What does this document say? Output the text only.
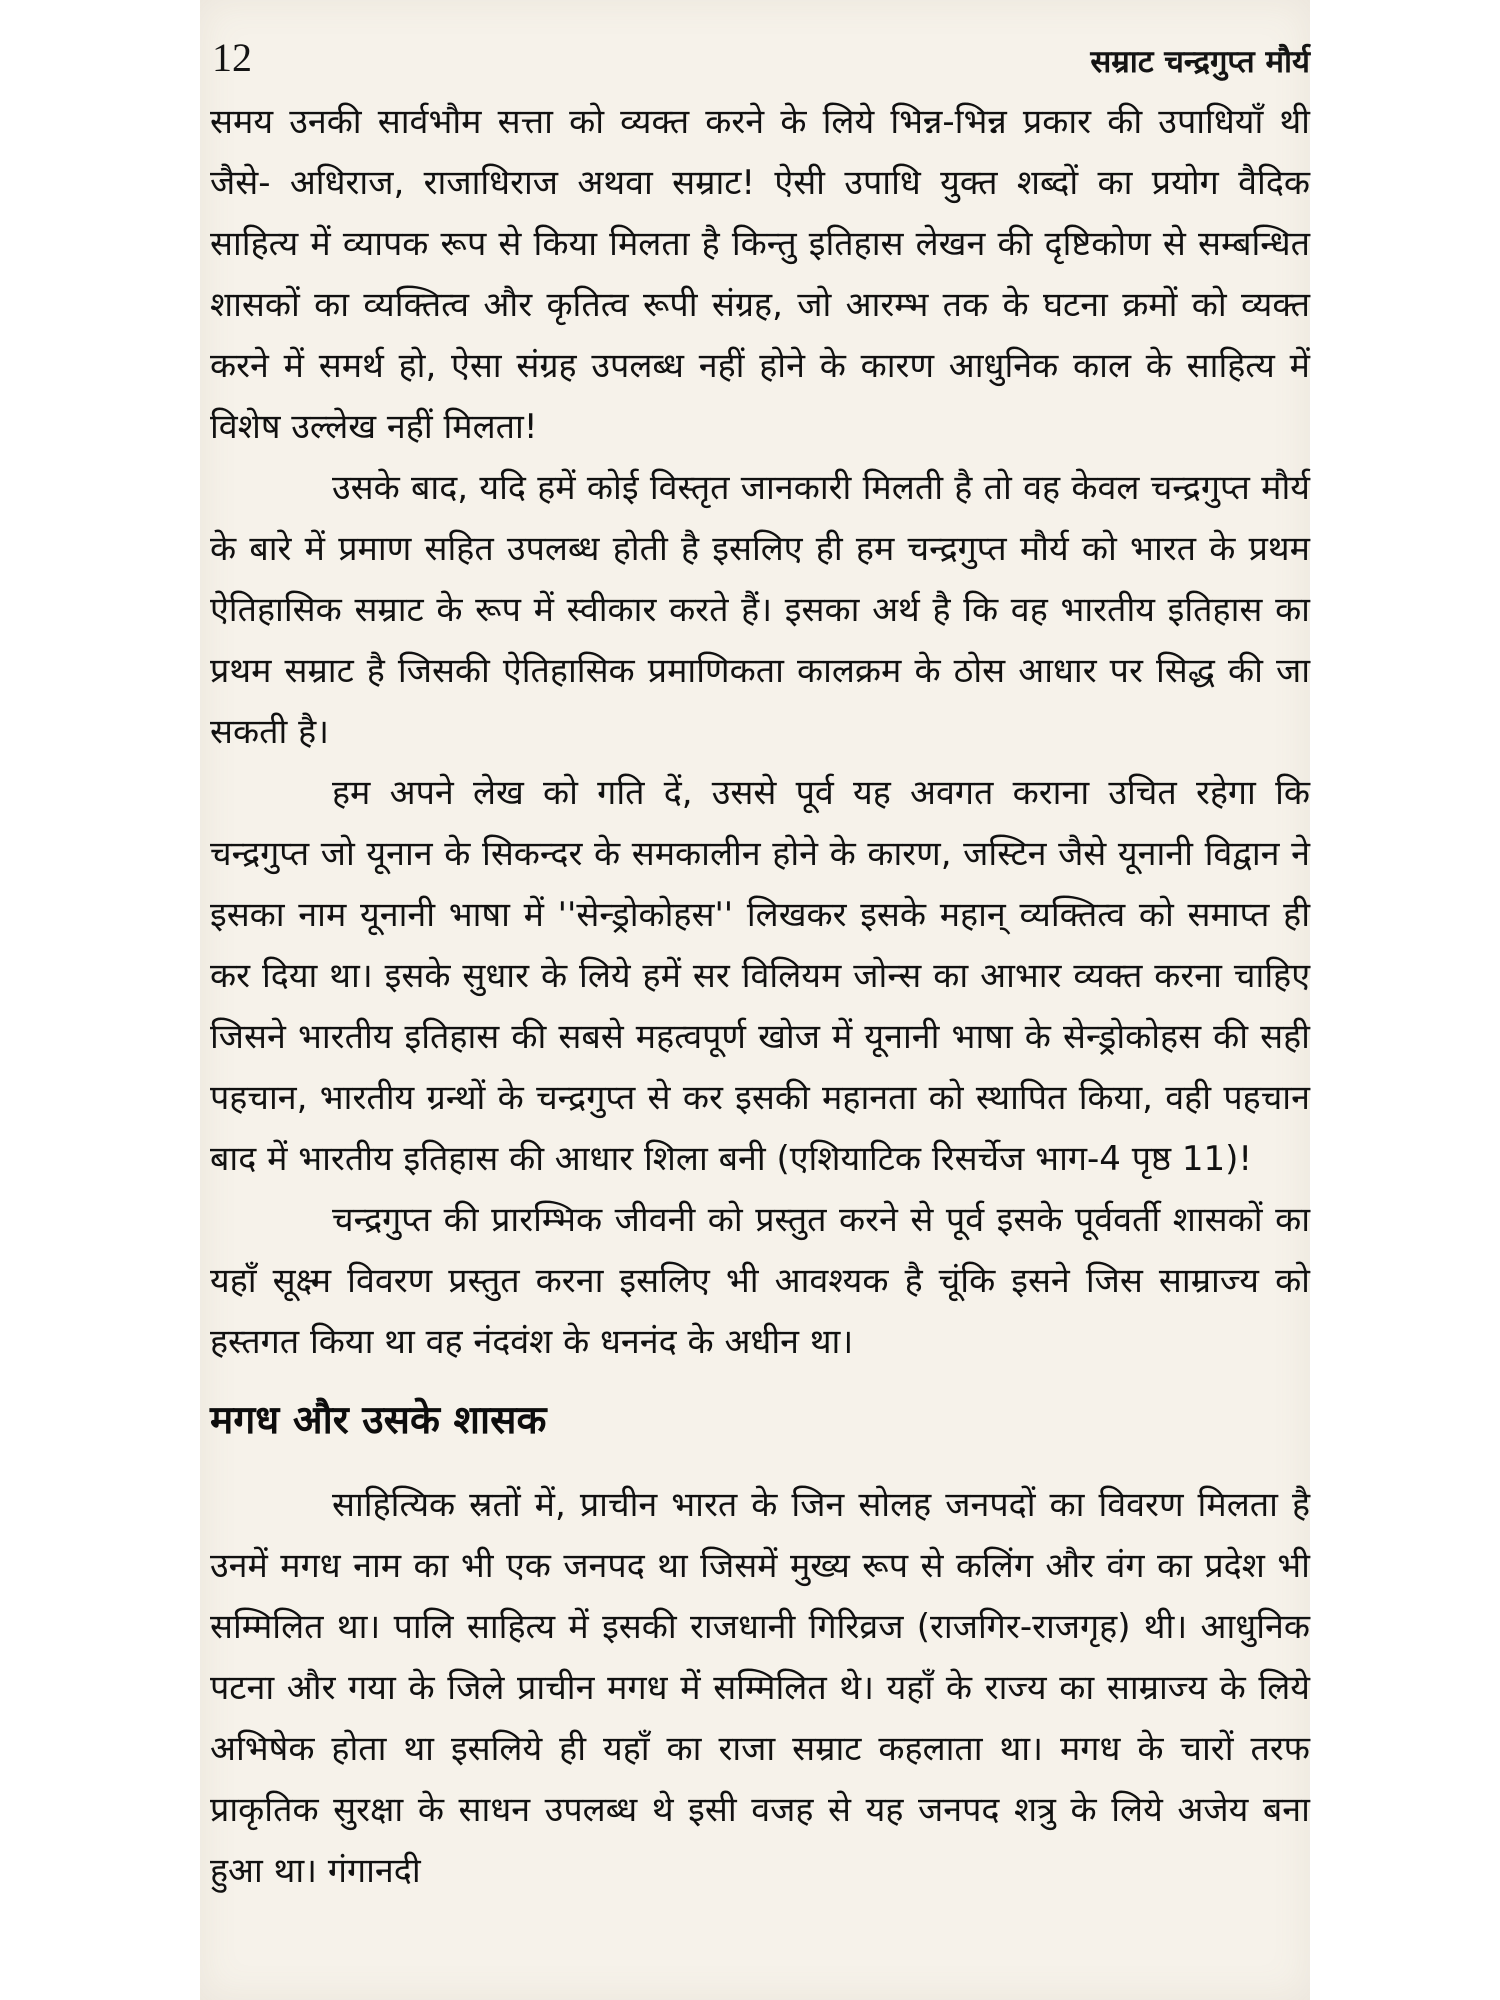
12	सम्राट चन्द्रगुप्त मौर्य

समय उनकी सार्वभौम सत्ता को व्यक्त करने के लिये भिन्न-भिन्न प्रकार की उपाधियाँ थी जैसे- अधिराज, राजाधिराज अथवा सम्राट! ऐसी उपाधि युक्त शब्दों का प्रयोग वैदिक साहित्य में व्यापक रूप से किया मिलता है किन्तु इतिहास लेखन की दृष्टिकोण से सम्बन्धित शासकों का व्यक्तित्व और कृतित्व रूपी संग्रह, जो आरम्भ तक के घटना क्रमों को व्यक्त करने में समर्थ हो, ऐसा संग्रह उपलब्ध नहीं होने के कारण आधुनिक काल के साहित्य में विशेष उल्लेख नहीं मिलता!

उसके बाद, यदि हमें कोई विस्तृत जानकारी मिलती है तो वह केवल चन्द्रगुप्त मौर्य के बारे में प्रमाण सहित उपलब्ध होती है इसलिए ही हम चन्द्रगुप्त मौर्य को भारत के प्रथम ऐतिहासिक सम्राट के रूप में स्वीकार करते हैं। इसका अर्थ है कि वह भारतीय इतिहास का प्रथम सम्राट है जिसकी ऐतिहासिक प्रमाणिकता कालक्रम के ठोस आधार पर सिद्ध की जा सकती है।

हम अपने लेख को गति दें, उससे पूर्व यह अवगत कराना उचित रहेगा कि चन्द्रगुप्त जो यूनान के सिकन्दर के समकालीन होने के कारण, जस्टिन जैसे यूनानी विद्वान ने इसका नाम यूनानी भाषा में ''सेन्ड्रोकोहस'' लिखकर इसके महान् व्यक्तित्व को समाप्त ही कर दिया था। इसके सुधार के लिये हमें सर विलियम जोन्स का आभार व्यक्त करना चाहिए जिसने भारतीय इतिहास की सबसे महत्वपूर्ण खोज में यूनानी भाषा के सेन्ड्रोकोहस की सही पहचान, भारतीय ग्रन्थों के चन्द्रगुप्त से कर इसकी महानता को स्थापित किया, वही पहचान बाद में भारतीय इतिहास की आधार शिला बनी (एशियाटिक रिसर्चेज भाग-4 पृष्ठ 11)!

चन्द्रगुप्त की प्रारम्भिक जीवनी को प्रस्तुत करने से पूर्व इसके पूर्ववर्ती शासकों का यहाँ सूक्ष्म विवरण प्रस्तुत करना इसलिए भी आवश्यक है चूंकि इसने जिस साम्राज्य को हस्तगत किया था वह नंदवंश के धननंद के अधीन था।

मगध और उसके शासक

साहित्यिक स्रतों में, प्राचीन भारत के जिन सोलह जनपदों का विवरण मिलता है उनमें मगध नाम का भी एक जनपद था जिसमें मुख्य रूप से कलिंग और वंग का प्रदेश भी सम्मिलित था। पालि साहित्य में इसकी राजधानी गिरिव्रज (राजगिर-राजगृह) थी। आधुनिक पटना और गया के जिले प्राचीन मगध में सम्मिलित थे। यहाँ के राज्य का साम्राज्य के लिये अभिषेक होता था इसलिये ही यहाँ का राजा सम्राट कहलाता था। मगध के चारों तरफ प्राकृतिक सुरक्षा के साधन उपलब्ध थे इसी वजह से यह जनपद शत्रु के लिये अजेय बना हुआ था। गंगानदी
